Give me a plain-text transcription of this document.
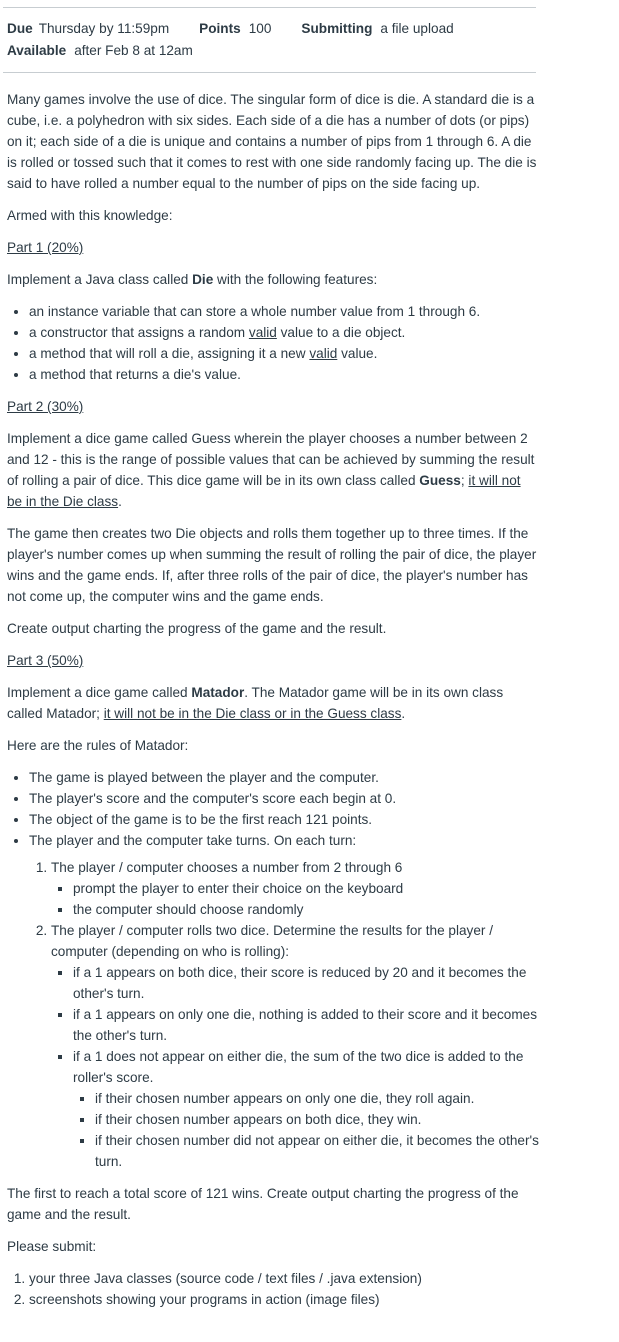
Due Thursday by 11:59pm Points 100 Submitting a file upload
Available after Feb 8 at 12am

Many games involve the use of dice. The singular form of dice is die. A standard die is a cube, i.e. a polyhedron with six sides. Each side of a die has a number of dots (or pips) on it; each side of a die is unique and contains a number of pips from 1 through 6. A die is rolled or tossed such that it comes to rest with one side randomly facing up. The die is said to have rolled a number equal to the number of pips on the side facing up.

Armed with this knowledge:

Part 1 (20%)

Implement a Java class called Die with the following features:

• an instance variable that can store a whole number value from 1 through 6.
• a constructor that assigns a random valid value to a die object.
• a method that will roll a die, assigning it a new valid value.
• a method that returns a die's value.

Part 2 (30%)

Implement a dice game called Guess wherein the player chooses a number between 2 and 12 - this is the range of possible values that can be achieved by summing the result of rolling a pair of dice. This dice game will be in its own class called Guess; it will not be in the Die class.

The game then creates two Die objects and rolls them together up to three times. If the player's number comes up when summing the result of rolling the pair of dice, the player wins and the game ends. If, after three rolls of the pair of dice, the player's number has not come up, the computer wins and the game ends.

Create output charting the progress of the game and the result.

Part 3 (50%)

Implement a dice game called Matador. The Matador game will be in its own class called Matador; it will not be in the Die class or in the Guess class.

Here are the rules of Matador:

• The game is played between the player and the computer.
• The player's score and the computer's score each begin at 0.
• The object of the game is to be the first reach 121 points.
• The player and the computer take turns. On each turn:
1. The player / computer chooses a number from 2 through 6
▪ prompt the player to enter their choice on the keyboard
▪ the computer should choose randomly
2. The player / computer rolls two dice. Determine the results for the player / computer (depending on who is rolling):
▪ if a 1 appears on both dice, their score is reduced by 20 and it becomes the other's turn.
▪ if a 1 appears on only one die, nothing is added to their score and it becomes the other's turn.
▪ if a 1 does not appear on either die, the sum of the two dice is added to the roller's score.
▪ if their chosen number appears on only one die, they roll again.
▪ if their chosen number appears on both dice, they win.
▪ if their chosen number did not appear on either die, it becomes the other's turn.

The first to reach a total score of 121 wins. Create output charting the progress of the game and the result.

Please submit:

1. your three Java classes (source code / text files / .java extension)
2. screenshots showing your programs in action (image files)
